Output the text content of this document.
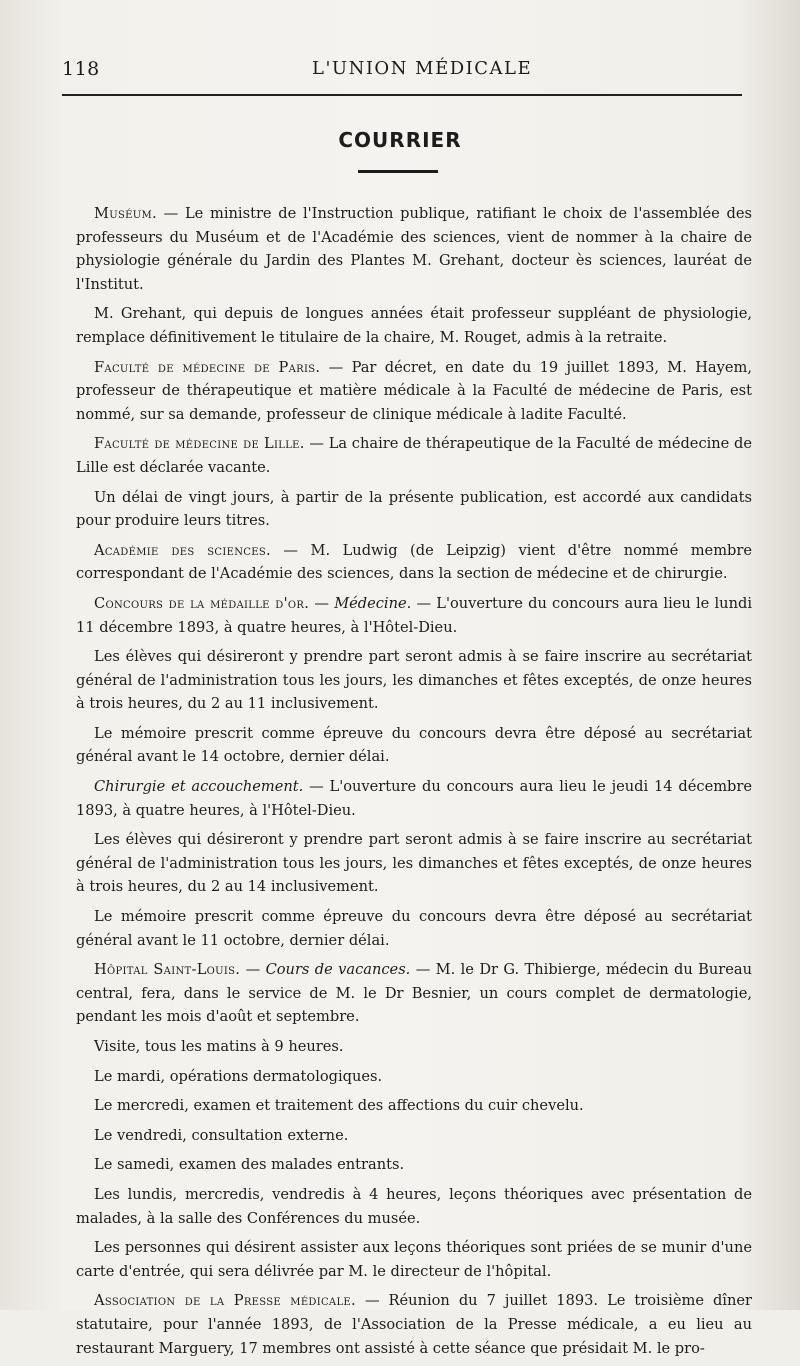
118	L'UNION MÉDICALE
COURRIER

Muséum. — Le ministre de l'Instruction publique, ratifiant le choix de l'assemblée des professeurs du Muséum et de l'Académie des sciences, vient de nommer à la chaire de physiologie générale du Jardin des Plantes M. Grehant, docteur ès sciences, lauréat de l'Institut.

M. Grehant, qui depuis de longues années était professeur suppléant de physiologie, remplace définitivement le titulaire de la chaire, M. Rouget, admis à la retraite.

Faculté de médecine de Paris. — Par décret, en date du 19 juillet 1893, M. Hayem, professeur de thérapeutique et matière médicale à la Faculté de médecine de Paris, est nommé, sur sa demande, professeur de clinique médicale à ladite Faculté.

Faculté de médecine de Lille. — La chaire de thérapeutique de la Faculté de médecine de Lille est déclarée vacante.

Un délai de vingt jours, à partir de la présente publication, est accordé aux candidats pour produire leurs titres.

Académie des sciences. — M. Ludwig (de Leipzig) vient d'être nommé membre correspondant de l'Académie des sciences, dans la section de médecine et de chirurgie.

Concours de la médaille d'or. — Médecine. — L'ouverture du concours aura lieu le lundi 11 décembre 1893, à quatre heures, à l'Hôtel-Dieu.

Les élèves qui désireront y prendre part seront admis à se faire inscrire au secrétariat général de l'administration tous les jours, les dimanches et fêtes exceptés, de onze heures à trois heures, du 2 au 11 inclusivement.

Le mémoire prescrit comme épreuve du concours devra être déposé au secrétariat général avant le 14 octobre, dernier délai.

Chirurgie et accouchement. — L'ouverture du concours aura lieu le jeudi 14 décembre 1893, à quatre heures, à l'Hôtel-Dieu.

Les élèves qui désireront y prendre part seront admis à se faire inscrire au secrétariat général de l'administration tous les jours, les dimanches et fêtes exceptés, de onze heures à trois heures, du 2 au 14 inclusivement.

Le mémoire prescrit comme épreuve du concours devra être déposé au secrétariat général avant le 11 octobre, dernier délai.

Hôpital Saint-Louis. — Cours de vacances. — M. le Dr G. Thibierge, médecin du Bureau central, fera, dans le service de M. le Dr Besnier, un cours complet de dermatologie, pendant les mois d'août et septembre.

Visite, tous les matins à 9 heures.

Le mardi, opérations dermatologiques.

Le mercredi, examen et traitement des affections du cuir chevelu.

Le vendredi, consultation externe.

Le samedi, examen des malades entrants.

Les lundis, mercredis, vendredis à 4 heures, leçons théoriques avec présentation de malades, à la salle des Conférences du musée.

Les personnes qui désirent assister aux leçons théoriques sont priées de se munir d'une carte d'entrée, qui sera délivrée par M. le directeur de l'hôpital.

Association de la Presse médicale. — Réunion du 7 juillet 1893. Le troisième dîner statutaire, pour l'année 1893, de l'Association de la Presse médicale, a eu lieu au restaurant Marguery, 17 membres ont assisté à cette séance que présidait M. le pro-
